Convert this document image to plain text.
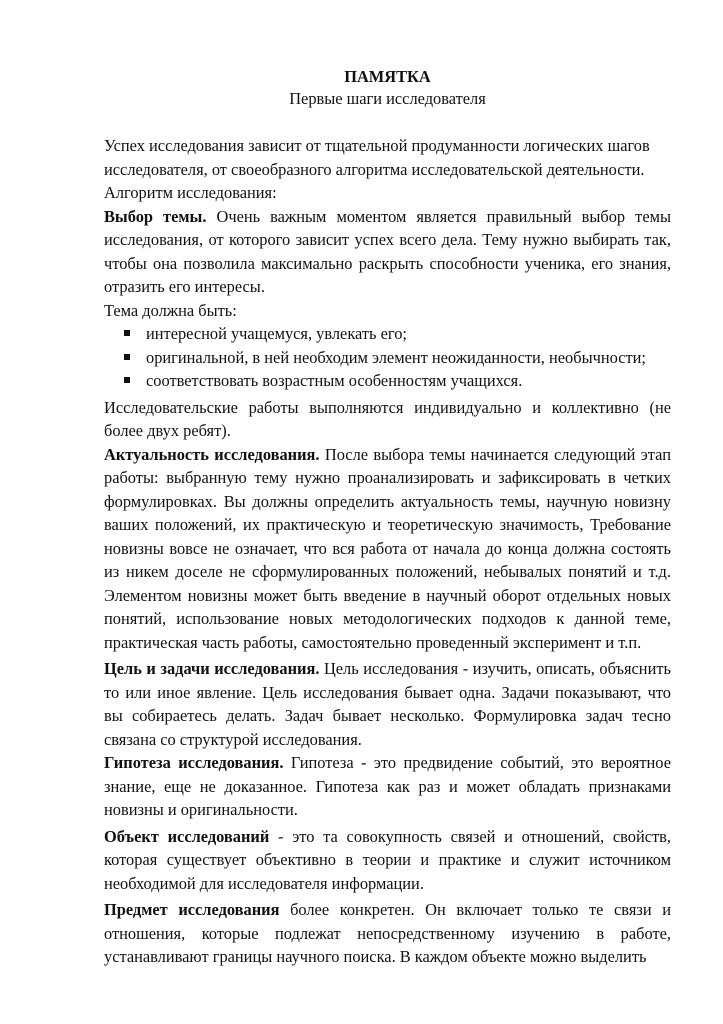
ПАМЯТКА

Первые шаги исследователя

Успех исследования зависит от тщательной продуманности логических шагов исследователя, от своеобразного алгоритма исследовательской деятельности.

Алгоритм исследования:

Выбор темы. Очень важным моментом является правильный выбор темы исследования, от которого зависит успех всего дела. Тему нужно выбирать так, чтобы она позволила максимально раскрыть способности ученика, его знания, отразить его интересы.

Тема должна быть:

интересной учащемуся, увлекать его;
оригинальной, в ней необходим элемент неожиданности, необычности;
соответствовать возрастным особенностям учащихся.

Исследовательские работы выполняются индивидуально и коллективно (не более двух ребят).

Актуальность исследования. После выбора темы начинается следующий этап работы: выбранную тему нужно проанализировать и зафиксировать в четких формулировках. Вы должны определить актуальность темы, научную новизну ваших положений, их практическую и теоретическую значимость, Требование новизны вовсе не означает, что вся работа от начала до конца должна состоять из никем доселе не сформулированных положений, небывалых понятий и т.д. Элементом новизны может быть введение в научный оборот отдельных новых понятий, использование новых методологических подходов к данной теме, практическая часть работы, самостоятельно проведенный эксперимент и т.п.

Цель и задачи исследования. Цель исследования - изучить, описать, объяснить то или иное явление. Цель исследования бывает одна. Задачи показывают, что вы собираетесь делать. Задач бывает несколько. Формулировка задач тесно связана со структурой исследования.

Гипотеза исследования. Гипотеза - это предвидение событий, это вероятное знание, еще не доказанное. Гипотеза как раз и может обладать признаками новизны и оригинальности.

Объект исследований - это та совокупность связей и отношений, свойств, которая существует объективно в теории и практике и служит источником необходимой для исследователя информации.

Предмет исследования более конкретен. Он включает только те связи и отношения, которые подлежат непосредственному изучению в работе, устанавливают границы научного поиска. В каждом объекте можно выделить
